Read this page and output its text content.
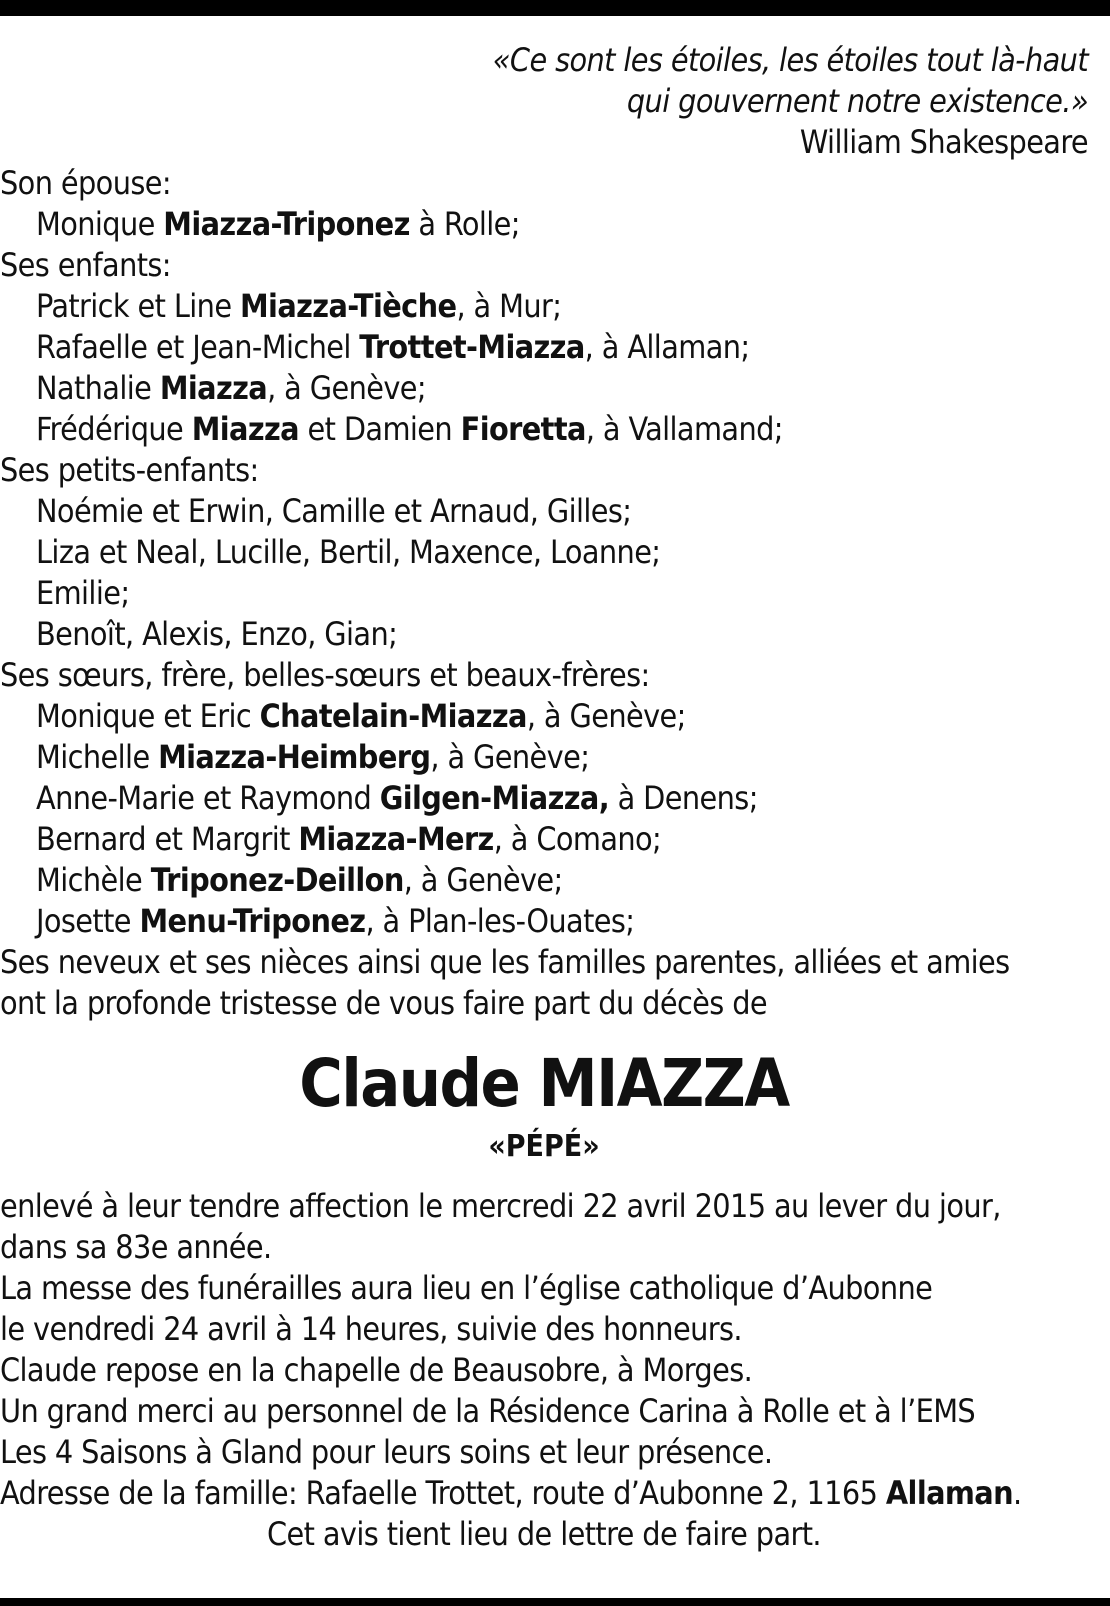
«Ce sont les étoiles, les étoiles tout là-haut
qui gouvernent notre existence.»
William Shakespeare
Son épouse:
Monique Miazza-Triponez à Rolle;
Ses enfants:
Patrick et Line Miazza-Tièche, à Mur;
Rafaelle et Jean-Michel Trottet-Miazza, à Allaman;
Nathalie Miazza, à Genève;
Frédérique Miazza et Damien Fioretta, à Vallamand;
Ses petits-enfants:
Noémie et Erwin, Camille et Arnaud, Gilles;
Liza et Neal, Lucille, Bertil, Maxence, Loanne;
Emilie;
Benoît, Alexis, Enzo, Gian;
Ses sœurs, frère, belles-sœurs et beaux-frères:
Monique et Eric Chatelain-Miazza, à Genève;
Michelle Miazza-Heimberg, à Genève;
Anne-Marie et Raymond Gilgen-Miazza, à Denens;
Bernard et Margrit Miazza-Merz, à Comano;
Michèle Triponez-Deillon, à Genève;
Josette Menu-Triponez, à Plan-les-Ouates;
Ses neveux et ses nièces ainsi que les familles parentes, alliées et amies
ont la profonde tristesse de vous faire part du décès de
Claude MIAZZA
«PÉPÉ»
enlevé à leur tendre affection le mercredi 22 avril 2015 au lever du jour,
dans sa 83e année.
La messe des funérailles aura lieu en l’église catholique d’Aubonne
le vendredi 24 avril à 14 heures, suivie des honneurs.
Claude repose en la chapelle de Beausobre, à Morges.
Un grand merci au personnel de la Résidence Carina à Rolle et à l’EMS
Les 4 Saisons à Gland pour leurs soins et leur présence.
Adresse de la famille: Rafaelle Trottet, route d’Aubonne 2, 1165 Allaman.
Cet avis tient lieu de lettre de faire part.
